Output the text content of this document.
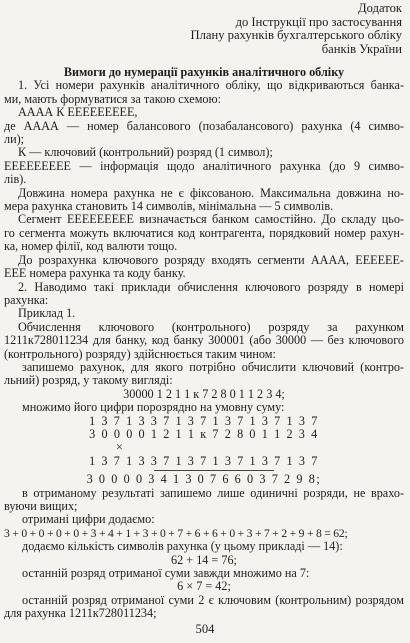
Додаток
до Інструкції про застосування
Плану рахунків бухгалтерського обліку
банків України
Вимоги до нумерації рахунків аналітичного обліку
1. Усі номери рахунків аналітичного обліку, що відкриваються банка-
ми, мають формуватися за такою схемою:
АААА К ЕЕЕЕЕЕЕЕЕ,
де АААА — номер балансового (позабалансового) рахунка (4 симво-
ли);
К — ключовий (контрольний) розряд (1 символ);
ЕЕЕЕЕЕЕЕЕ — інформація щодо аналітичного рахунка (до 9 симво-
лів).
Довжина номера рахунка не є фіксованою. Максимальна довжина но-
мера рахунка становить 14 символів, мінімальна — 5 символів.
Сегмент ЕЕЕЕЕЕЕЕЕ визначається банком самостійно. До складу цьо-
го сегмента можуть включатися код контрагента, порядковий номер рахун-
ка, номер філії, код валюти тощо.
До розрахунка ключового розряду входять сегменти АААА, ЕЕЕЕЕЕ-
ЕЕЕ номера рахунка та коду банку.
2. Наводимо такі приклади обчислення ключового розряду в номері
рахунка:
Приклад 1.
Обчислення ключового (контрольного) розряду за рахунком
1211к728011234 для банку, код банку 300001 (або 30000 — без ключового
(контрольного) розряду) здійснюється таким чином:
запишемо рахунок, для якого потрібно обчислити ключовий (контро-
льний) розряд, у такому вигляді:
30000 1 2 1 1 к 7 2 8 0 1 1 2 3 4;
множимо його цифри порозрядно на умовну суму:
1 3 7 1 3 3 7 1 3 7 1 3 7 1 3 7 1 3 7
3 0 0 0 0 1 2 1 1 к 7 2 8 0 1 1 2 3 4
×
1 3 7 1 3 3 7 1 3 7 1 3 7 1 3 7 1 3 7
3 0 0 0 0 3 4 1 3 0 7 6 6 0 3 7 2 9 8;
в отриманому результаті запишемо лише одиничні розряди, не врахо-
вуючи вищих;
отримані цифри додаємо:
3 + 0 + 0 + 0 + 0 + 3 + 4 + 1 + 3 + 0 + 7 + 6 + 6 + 0 + 3 + 7 + 2 + 9 + 8 = 62;
додаємо кількість символів рахунка (у цьому прикладі — 14):
62 + 14 = 76;
останній розряд отриманої суми завжди множимо на 7:
6 × 7 = 42;
останній розряд отриманої суми 2 є ключовим (контрольним) розрядом
для рахунка 1211к728011234;
504
